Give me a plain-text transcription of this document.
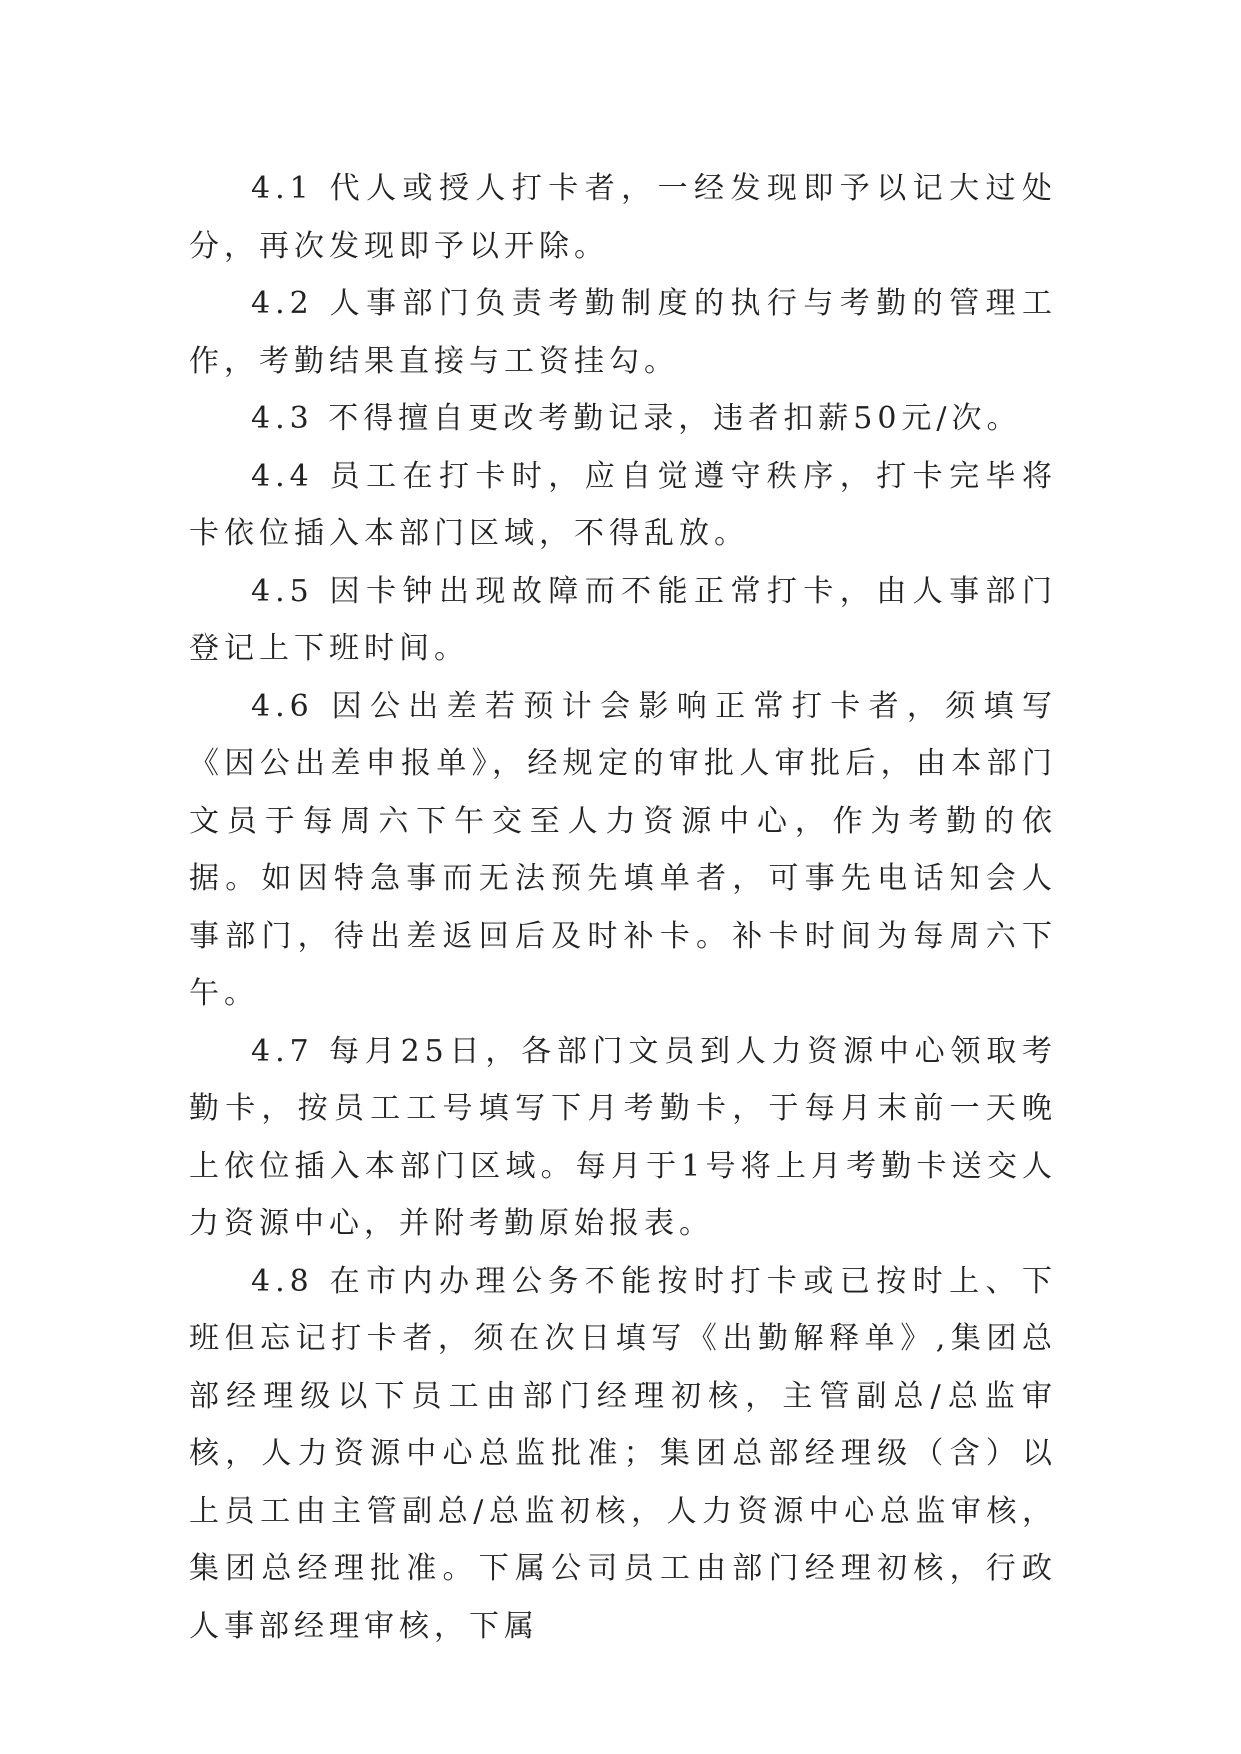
4.1 代人或授人打卡者，一经发现即予以记大过处分，再次发现即予以开除。

4.2 人事部门负责考勤制度的执行与考勤的管理工作，考勤结果直接与工资挂勾。

4.3 不得擅自更改考勤记录，违者扣薪50元/次。

4.4 员工在打卡时，应自觉遵守秩序，打卡完毕将卡依位插入本部门区域，不得乱放。

4.5 因卡钟出现故障而不能正常打卡，由人事部门登记上下班时间。

4.6 因公出差若预计会影响正常打卡者，须填写《因公出差申报单》，经规定的审批人审批后，由本部门文员于每周六下午交至人力资源中心，作为考勤的依据。如因特急事而无法预先填单者，可事先电话知会人事部门，待出差返回后及时补卡。补卡时间为每周六下午。

4.7 每月25日，各部门文员到人力资源中心领取考勤卡，按员工工号填写下月考勤卡，于每月末前一天晚上依位插入本部门区域。每月于1号将上月考勤卡送交人力资源中心，并附考勤原始报表。

4.8 在市内办理公务不能按时打卡或已按时上、下班但忘记打卡者，须在次日填写《出勤解释单》,集团总部经理级以下员工由部门经理初核，主管副总/总监审核，人力资源中心总监批准；集团总部经理级（含）以上员工由主管副总/总监初核，人力资源中心总监审核，集团总经理批准。下属公司员工由部门经理初核，行政人事部经理审核，下属
